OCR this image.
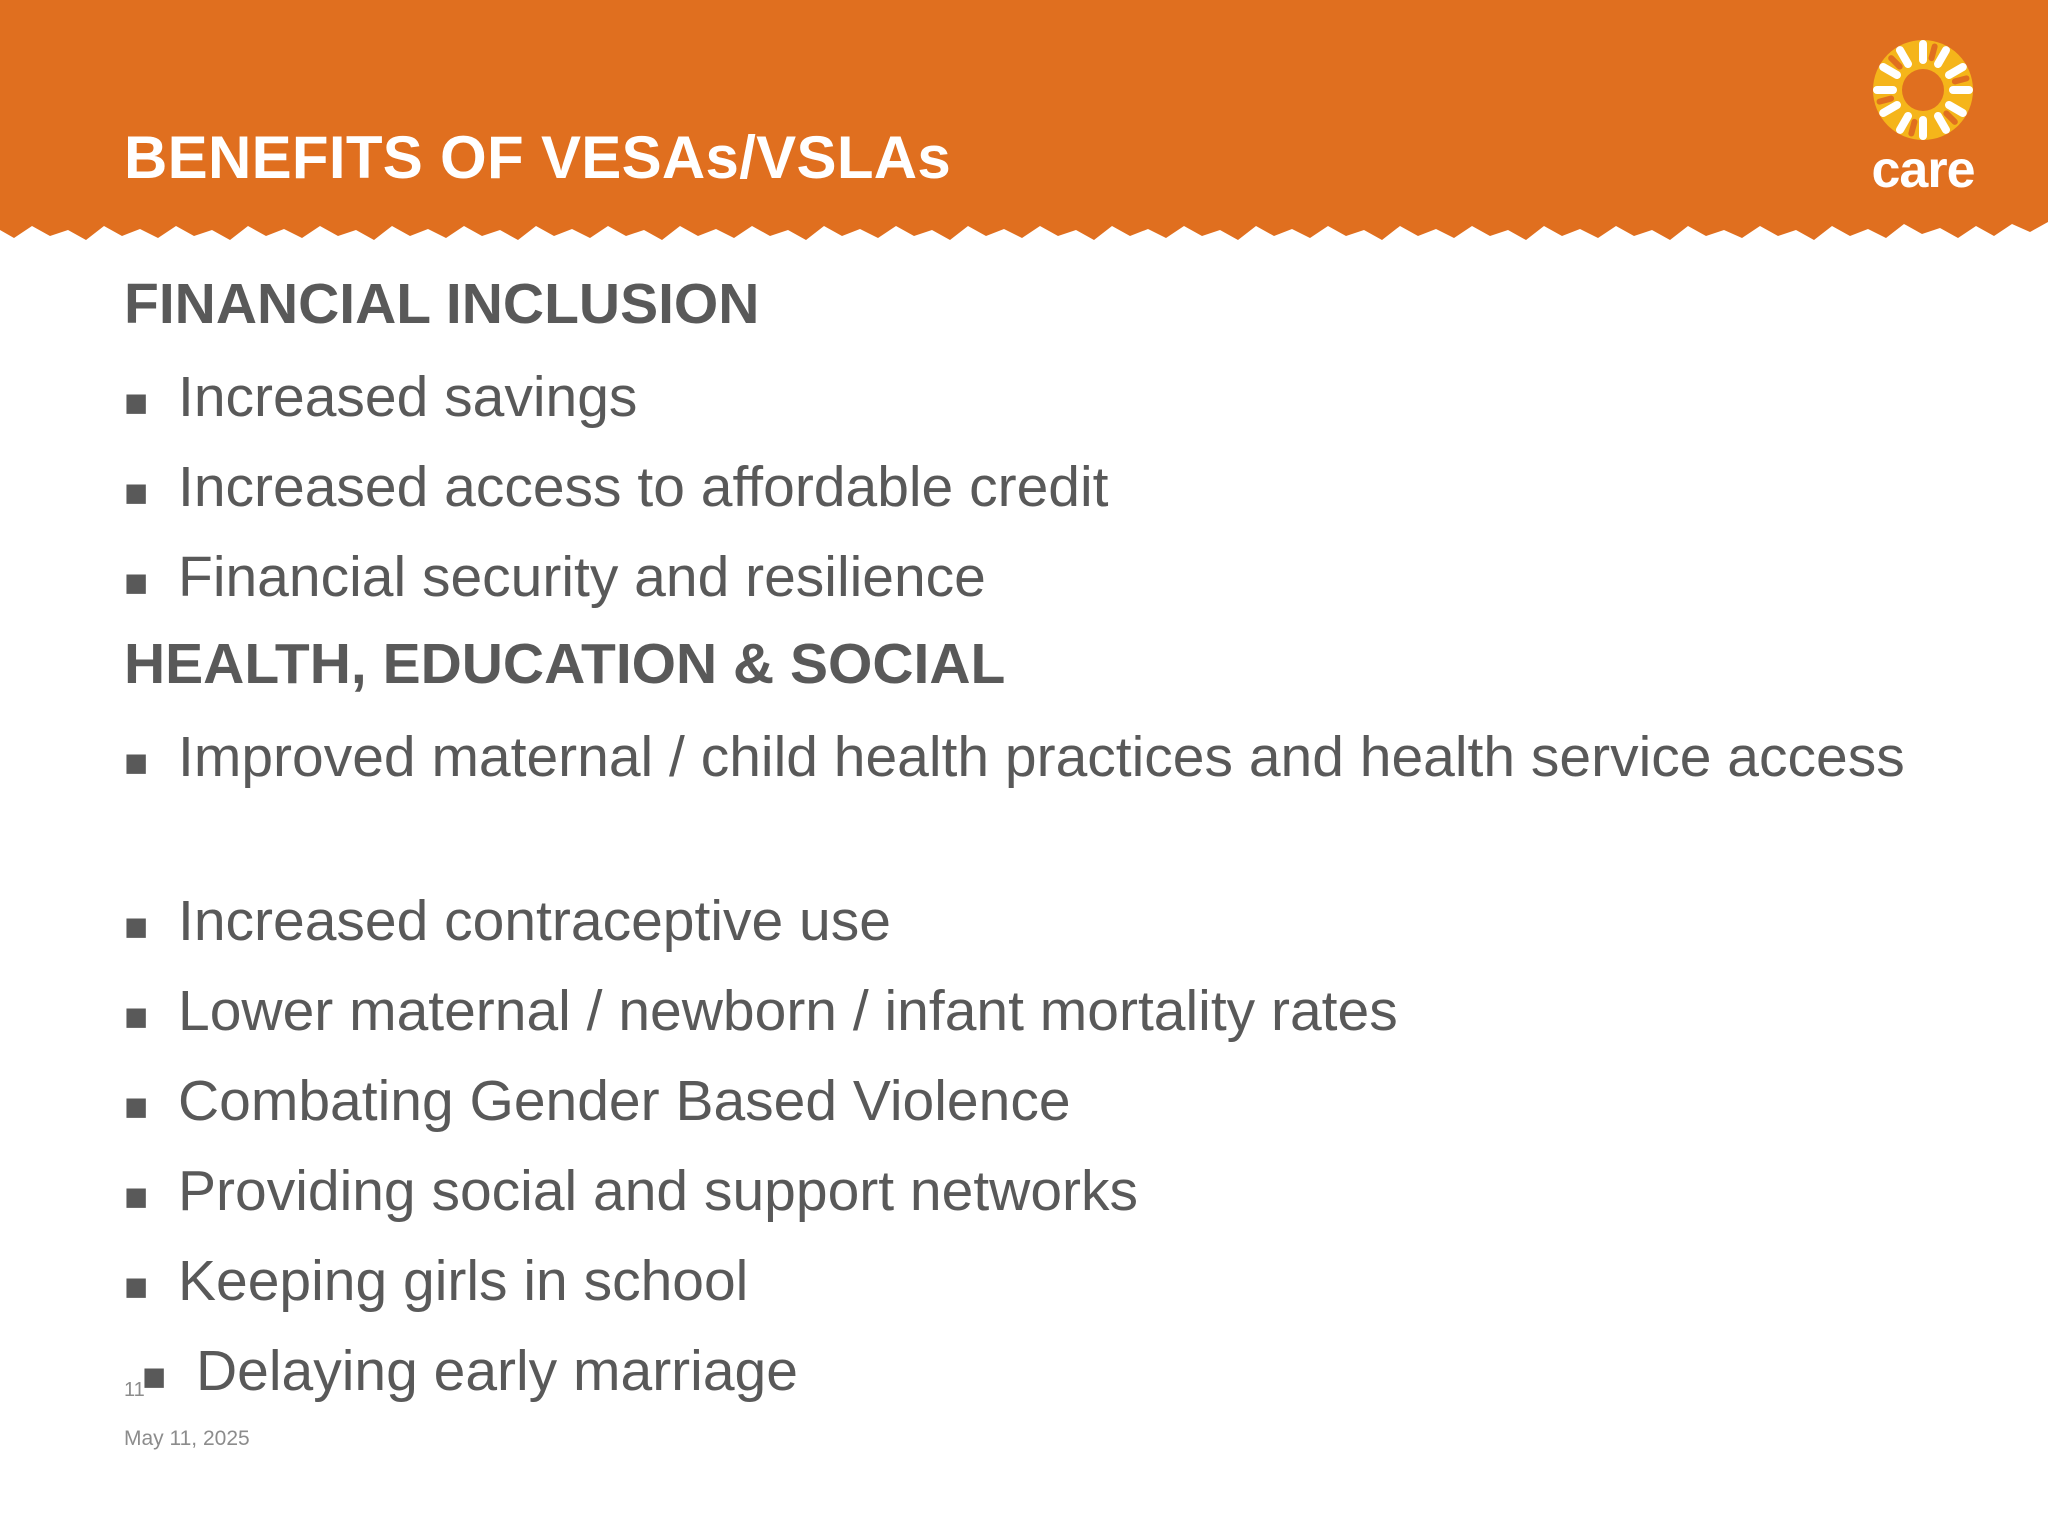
BENEFITS OF VESAs/VSLAs	care
FINANCIAL INCLUSION
■ Increased savings
■ Increased access to affordable credit
■ Financial security and resilience
HEALTH, EDUCATION & SOCIAL
■ Improved maternal / child health practices and health service access
■ Increased contraceptive use
■ Lower maternal / newborn / infant mortality rates
■ Combating Gender Based Violence
■ Providing social and support networks
■ Keeping girls in school
■ Delaying early marriage
11
May 11, 2025
